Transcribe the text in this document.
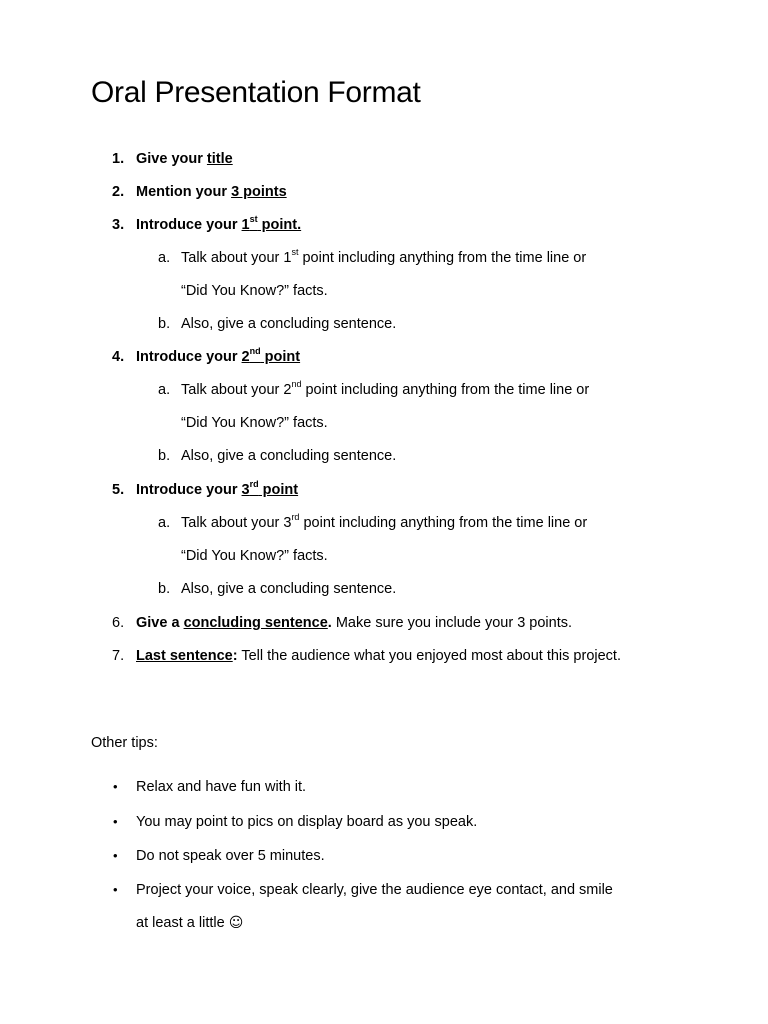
Oral Presentation Format
1. Give your title
2. Mention your 3 points
3. Introduce your 1st point.
a. Talk about your 1st point including anything from the time line or
“Did You Know?” facts.
b. Also, give a concluding sentence.
4. Introduce your 2nd point
a. Talk about your 2nd point including anything from the time line or
“Did You Know?” facts.
b. Also, give a concluding sentence.
5. Introduce your 3rd point
a. Talk about your 3rd point including anything from the time line or
“Did You Know?” facts.
b. Also, give a concluding sentence.
6. Give a concluding sentence. Make sure you include your 3 points.
7. Last sentence: Tell the audience what you enjoyed most about this project.
Other tips:
• Relax and have fun with it.
• You may point to pics on display board as you speak.
• Do not speak over 5 minutes.
• Project your voice, speak clearly, give the audience eye contact, and smile
at least a little ☺
